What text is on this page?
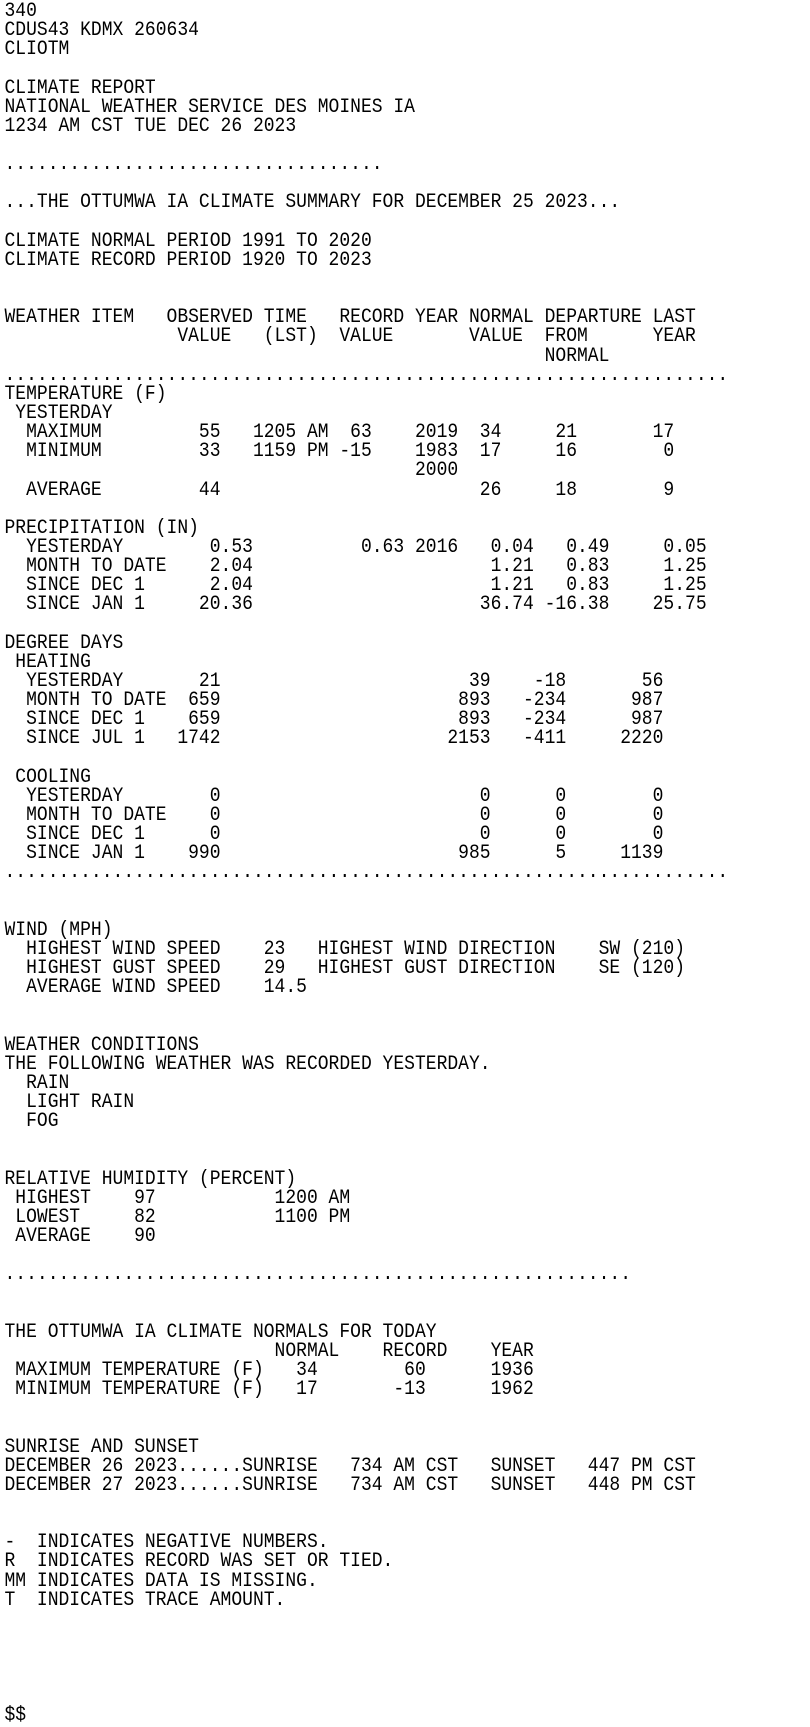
340
CDUS43 KDMX 260634
CLIOTM
CLIMATE REPORT
NATIONAL WEATHER SERVICE DES MOINES IA
1234 AM CST TUE DEC 26 2023
...................................
...THE OTTUMWA IA CLIMATE SUMMARY FOR DECEMBER 25 2023...
CLIMATE NORMAL PERIOD 1991 TO 2020
CLIMATE RECORD PERIOD 1920 TO 2023
WEATHER ITEM   OBSERVED TIME   RECORD YEAR NORMAL DEPARTURE LAST
VALUE   (LST)  VALUE       VALUE  FROM      YEAR
NORMAL
...................................................................
TEMPERATURE (F)
YESTERDAY
MAXIMUM         55   1205 AM  63    2019  34     21       17
MINIMUM         33   1159 PM -15    1983  17     16        0
2000
AVERAGE         44                        26     18        9
PRECIPITATION (IN)
YESTERDAY        0.53          0.63 2016   0.04   0.49     0.05
MONTH TO DATE    2.04                      1.21   0.83     1.25
SINCE DEC 1      2.04                      1.21   0.83     1.25
SINCE JAN 1     20.36                     36.74 -16.38    25.75
DEGREE DAYS
HEATING
YESTERDAY       21                       39    -18       56
MONTH TO DATE  659                      893   -234      987
SINCE DEC 1    659                      893   -234      987
SINCE JUL 1   1742                     2153   -411     2220
COOLING
YESTERDAY        0                        0      0        0
MONTH TO DATE    0                        0      0        0
SINCE DEC 1      0                        0      0        0
SINCE JAN 1    990                      985      5     1139
...................................................................
WIND (MPH)
HIGHEST WIND SPEED    23   HIGHEST WIND DIRECTION    SW (210)
HIGHEST GUST SPEED    29   HIGHEST GUST DIRECTION    SE (120)
AVERAGE WIND SPEED    14.5
WEATHER CONDITIONS
THE FOLLOWING WEATHER WAS RECORDED YESTERDAY.
RAIN
LIGHT RAIN
FOG
RELATIVE HUMIDITY (PERCENT)
HIGHEST    97           1200 AM
LOWEST     82           1100 PM
AVERAGE    90
..........................................................
THE OTTUMWA IA CLIMATE NORMALS FOR TODAY
NORMAL    RECORD    YEAR
MAXIMUM TEMPERATURE (F)   34        60      1936
MINIMUM TEMPERATURE (F)   17       -13      1962
SUNRISE AND SUNSET
DECEMBER 26 2023......SUNRISE   734 AM CST   SUNSET   447 PM CST
DECEMBER 27 2023......SUNRISE   734 AM CST   SUNSET   448 PM CST
-  INDICATES NEGATIVE NUMBERS.
R  INDICATES RECORD WAS SET OR TIED.
MM INDICATES DATA IS MISSING.
T  INDICATES TRACE AMOUNT.
$$
